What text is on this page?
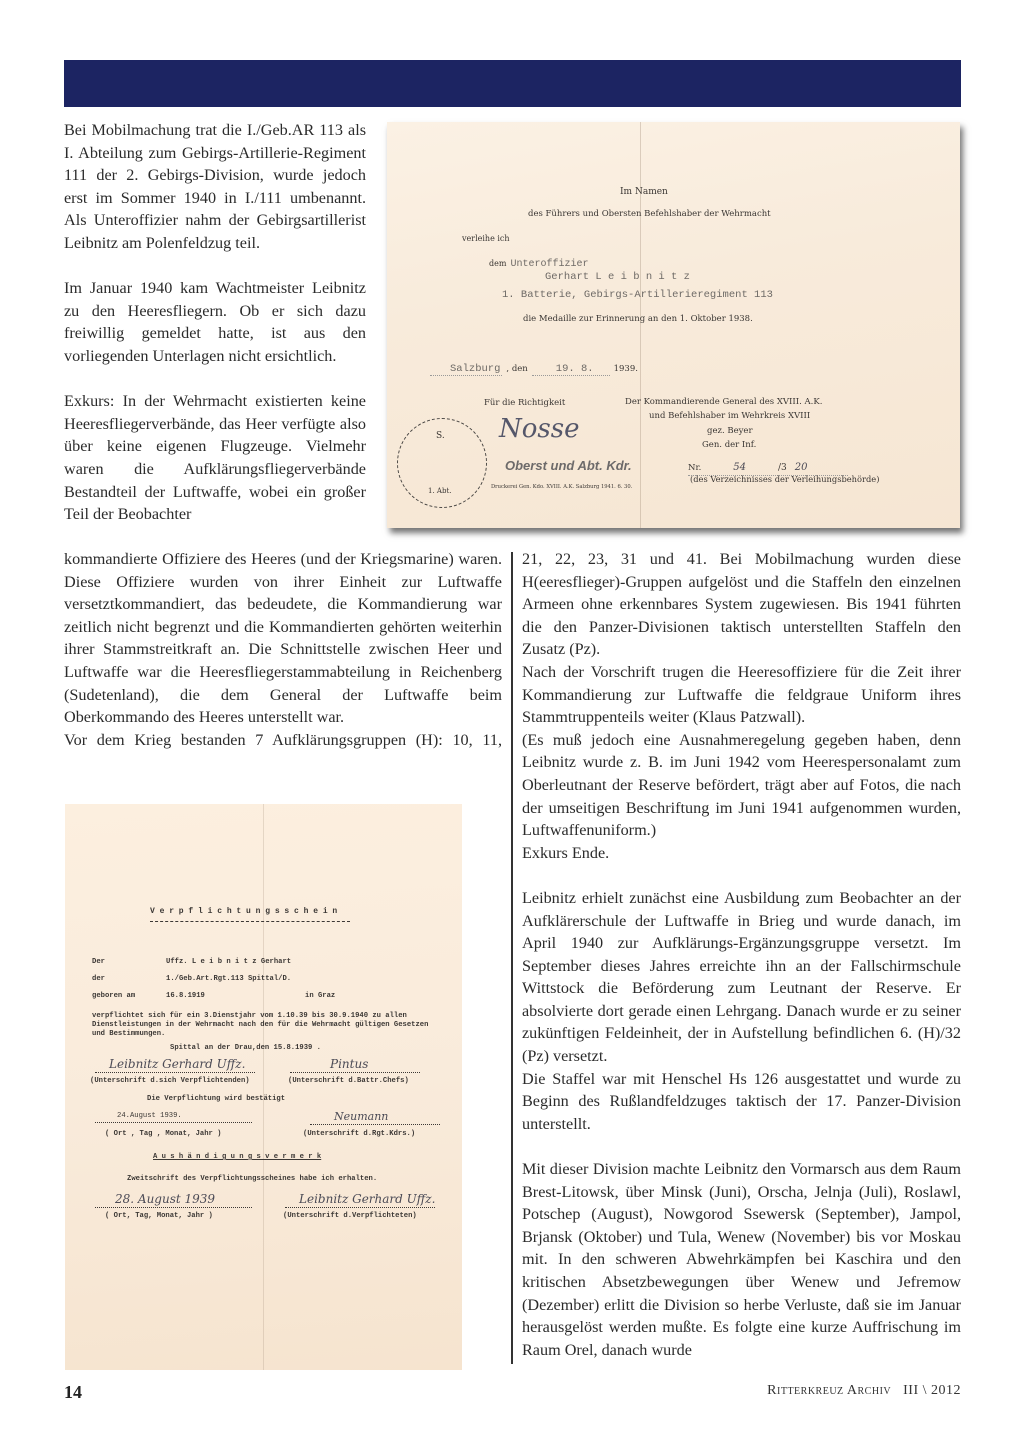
Bei Mobilmachung trat die I./Geb.AR 113 als I. Abteilung zum Gebirgs-Artillerie-Regiment 111 der 2. Gebirgs-Division, wurde jedoch erst im Sommer 1940 in I./111 umbenannt. Als Unteroffizier nahm der Gebirgsartillerist Leibnitz am Polenfeldzug teil.

Im Januar 1940 kam Wachtmeister Leibnitz zu den Heeresfliegern. Ob er sich dazu freiwillig gemeldet hatte, ist aus den vorliegenden Unterlagen nicht ersichtlich.

Exkurs: In der Wehrmacht existierten keine Heeresfliegerverbände, das Heer verfügte also über keine eigenen Flugzeuge. Vielmehr waren die Aufklärungsfliegerverbände Bestandteil der Luftwaffe, wobei ein großer Teil der Beobachter

kommandierte Offiziere des Heeres (und der Kriegsmarine) waren. Diese Offiziere wurden von ihrer Einheit zur Luftwaffe versetztkommandiert, das bedeudete, die Kommandierung war zeitlich nicht begrenzt und die Kommandierten gehörten weiterhin ihrer Stammstreitkraft an. Die Schnittstelle zwischen Heer und Luftwaffe war die Heeresfliegerstammabteilung in Reichenberg (Sudetenland), die dem General der Luftwaffe beim Oberkommando des Heeres unterstellt war.

Vor dem Krieg bestanden 7 Aufklärungsgruppen (H): 10, 11,

21, 22, 23, 31 und 41. Bei Mobilmachung wurden diese H(eeresflieger)-Gruppen aufgelöst und die Staffeln den einzelnen Armeen ohne erkennbares System zugewiesen. Bis 1941 führten die den Panzer-Divisionen taktisch unterstellten Staffeln den Zusatz (Pz).

Nach der Vorschrift trugen die Heeresoffiziere für die Zeit ihrer Kommandierung zur Luftwaffe die feldgraue Uniform ihres Stammtruppenteils weiter (Klaus Patzwall).

(Es muß jedoch eine Ausnahmeregelung gegeben haben, denn Leibnitz wurde z. B. im Juni 1942 vom Heerespersonalamt zum Oberleutnant der Reserve befördert, trägt aber auf Fotos, die nach der umseitigen Beschriftung im Juni 1941 aufgenommen wurden, Luftwaffenuniform.)

Exkurs Ende.

Leibnitz erhielt zunächst eine Ausbildung zum Beobachter an der Aufklärerschule der Luftwaffe in Brieg und wurde danach, im April 1940 zur Aufklärungs-Ergänzungsgruppe versetzt. Im September dieses Jahres erreichte ihn an der Fallschirmschule Wittstock die Beförderung zum Leutnant der Reserve. Er absolvierte dort gerade einen Lehrgang. Danach wurde er zu seiner zukünftigen Feldeinheit, der in Aufstellung befindlichen 6. (H)/32 (Pz) versetzt.

Die Staffel war mit Henschel Hs 126 ausgestattet und wurde zu Beginn des Rußlandfeldzuges taktisch der 17. Panzer-Division unterstellt.

Mit dieser Division machte Leibnitz den Vormarsch aus dem Raum Brest-Litowsk, über Minsk (Juni), Orscha, Jelnja (Juli), Roslawl, Potschep (August), Nowgorod Ssewersk (September), Jampol, Brjansk (Oktober) und Tula, Wenew (November) bis vor Moskau mit. In den schweren Abwehrkämpfen bei Kaschira und den kritischen Absetzbewegungen über Wenew und Jefremow (Dezember) erlitt die Division so herbe Verluste, daß sie im Januar herausgelöst werden mußte. Es folgte eine kurze Auffrischung im Raum Orel, danach wurde

Im Namen
des Führers und Obersten Befehlshaber der Wehrmacht
verleihe ich
dem Unteroffizier
Gerhart L e i b n i t z
1. Batterie, Gebirgs-Artillerieregiment 113
die Medaille zur Erinnerung an den 1. Oktober 1938.
Salzburg , den	19. 8. 1939.
Für die Richtigkeit
Nosse
S.
1. Abt.
Oberst und Abt. Kdr.
Druckerei Gen. Kdo. XVIII. A.K. Salzburg 1941. 6. 30.
Der Kommandierende General des XVIII. A.K.
und Befehlshaber im Wehrkreis XVIII
gez. Beyer
Gen. der Inf.
Nr.	54	/3 20
(des Verzeichnisses der Verleihungsbehörde)
V e r p f l i c h t u n g s s c h e i n
Der	Uffz. L e i b n i t z Gerhart
der	1./Geb.Art.Rgt.113 Spittal/D.
geboren am	16.8.1919	in Graz
verpflichtet sich für ein 3.Dienstjahr vom 1.10.39 bis 30.9.1940 zu allen Dienstleistungen in der Wehrmacht nach den für die Wehrmacht gültigen Gesetzen und Bestimmungen.
Spittal an der Drau,den 15.8.1939 .
Leibnitz Gerhard Uffz.
(Unterschrift d.sich Verpflichtenden)
Pintus
(Unterschrift d.Battr.Chefs)
Die Verpflichtung wird bestätigt
24.August 1939.
( Ort , Tag , Monat, Jahr )
Neumann
(Unterschrift d.Rgt.Kdrs.)
A u s h ä n d i g u n g s v e r m e r k
Zweitschrift des Verpflichtungsscheines habe ich erhalten.
28. August 1939
( Ort, Tag, Monat, Jahr )
Leibnitz Gerhard Uffz.
(Unterschrift d.Verpflichteten)
14	Ritterkreuz Archiv   III \ 2012
